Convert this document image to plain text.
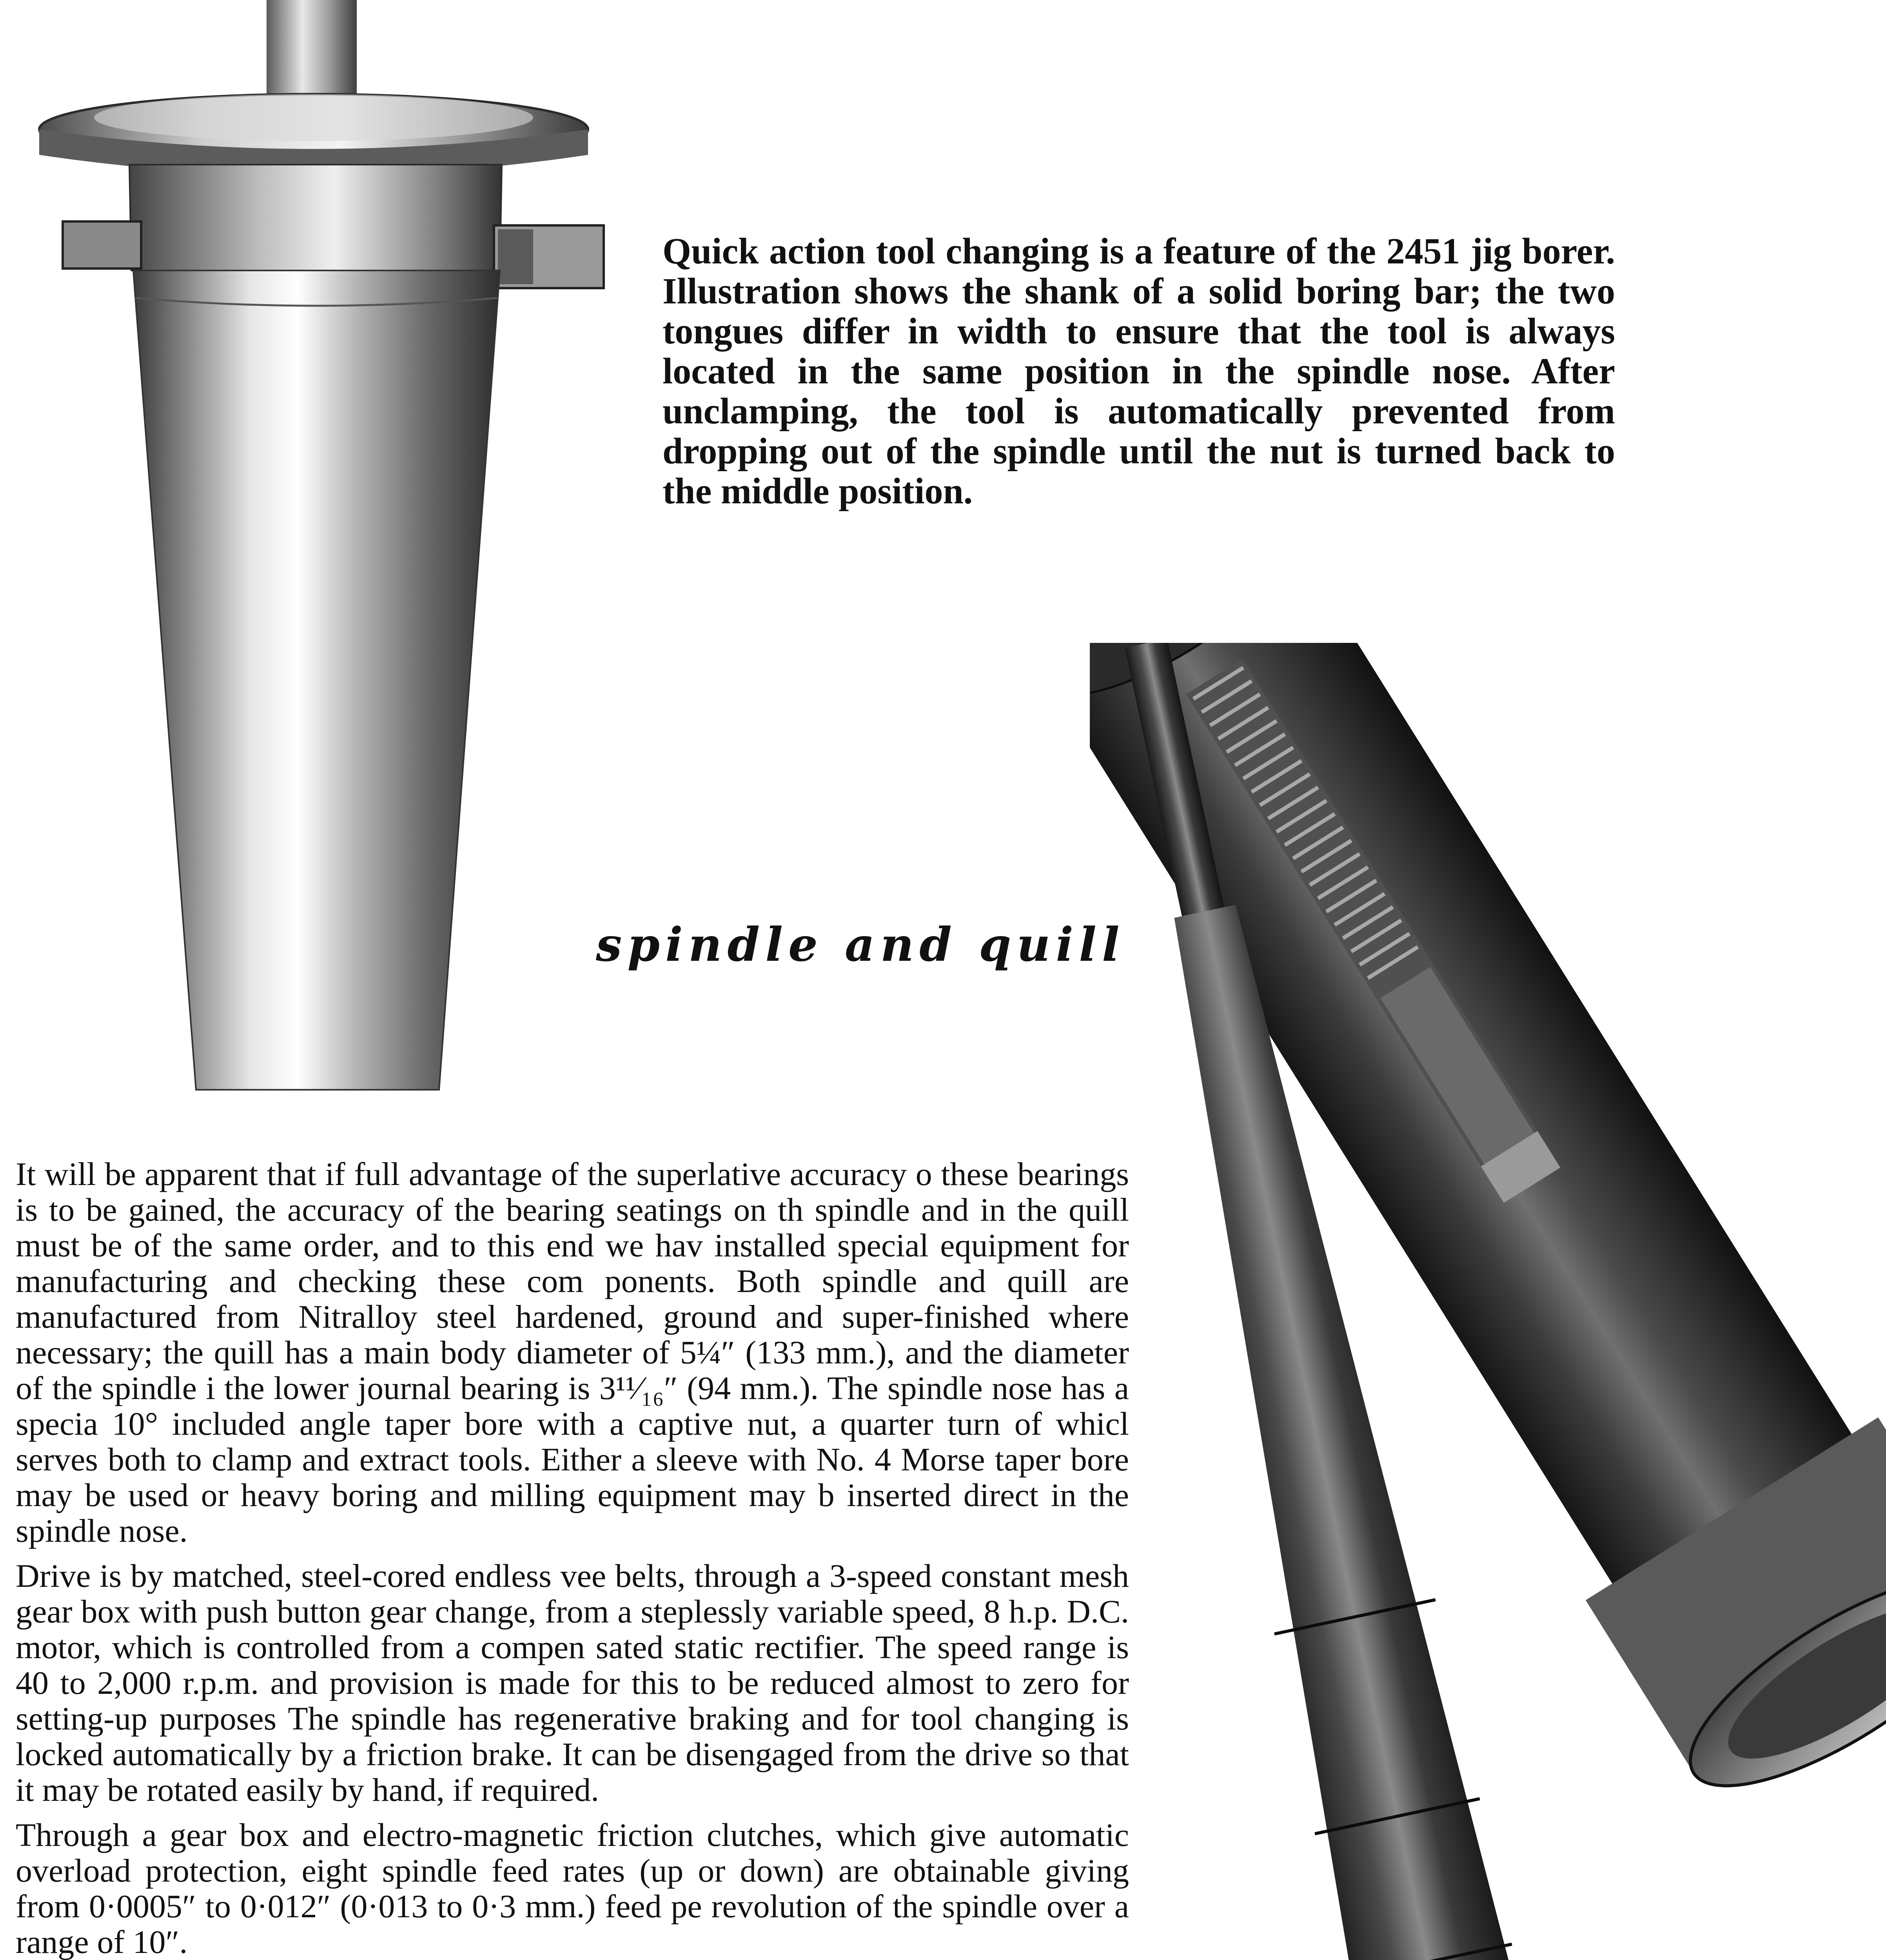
Quick action tool changing is a feature of the 2451 jig borer. Illustration shows the shank of a solid boring bar; the two tongues differ in width to ensure that the tool is always located in the same position in the spindle nose. After unclamping, the tool is automatically prevented from dropping out of the spindle until the nut is turned back to the middle position.
spindle and quill

It will be apparent that if full advantage of the superlative accuracy o these bearings is to be gained, the accuracy of the bearing seatings on th spindle and in the quill must be of the same order, and to this end we hav installed special equipment for manufacturing and checking these com ponents. Both spindle and quill are manufactured from Nitralloy steel hardened, ground and super-finished where necessary; the quill has a main body diameter of 5¼″ (133 mm.), and the diameter of the spindle i the lower journal bearing is 3¹¹⁄₁₆″ (94 mm.). The spindle nose has a specia 10° included angle taper bore with a captive nut, a quarter turn of whicl serves both to clamp and extract tools. Either a sleeve with No. 4 Morse taper bore may be used or heavy boring and milling equipment may b inserted direct in the spindle nose.

Drive is by matched, steel-cored endless vee belts, through a 3-speed constant mesh gear box with push button gear change, from a steplessly variable speed, 8 h.p. D.C. motor, which is controlled from a compen sated static rectifier. The speed range is 40 to 2,000 r.p.m. and provision is made for this to be reduced almost to zero for setting-up purposes The spindle has regenerative braking and for tool changing is locked automatically by a friction brake. It can be disengaged from the drive so that it may be rotated easily by hand, if required.

Through a gear box and electro-magnetic friction clutches, which give automatic overload protection, eight spindle feed rates (up or down) are obtainable giving from 0·0005″ to 0·012″ (0·013 to 0·3 mm.) feed pe revolution of the spindle over a range of 10″.
